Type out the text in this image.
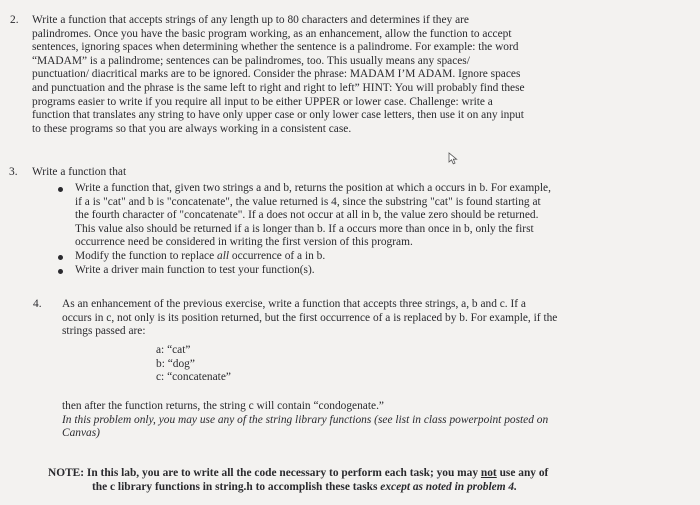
2. Write a function that accepts strings of any length up to 80 characters and determines if they are
palindromes. Once you have the basic program working, as an enhancement, allow the function to accept
sentences, ignoring spaces when determining whether the sentence is a palindrome. For example: the word
“MADAM” is a palindrome; sentences can be palindromes, too. This usually means any spaces/
punctuation/ diacritical marks are to be ignored. Consider the phrase: MADAM I’M ADAM. Ignore spaces
and punctuation and the phrase is the same left to right and right to left” HINT: You will probably find these
programs easier to write if you require all input to be either UPPER or lower case. Challenge: write a
function that translates any string to have only upper case or only lower case letters, then use it on any input
to these programs so that you are always working in a consistent case.
3. Write a function that
Write a function that, given two strings a and b, returns the position at which a occurs in b. For example,
if a is "cat" and b is "concatenate", the value returned is 4, since the substring "cat" is found starting at
the fourth character of "concatenate". If a does not occur at all in b, the value zero should be returned.
This value also should be returned if a is longer than b. If a occurs more than once in b, only the first
occurrence need be considered in writing the first version of this program.
Modify the function to replace all occurrence of a in b.
Write a driver main function to test your function(s).
4. As an enhancement of the previous exercise, write a function that accepts three strings, a, b and c. If a
occurs in c, not only is its position returned, but the first occurrence of a is replaced by b. For example, if the
strings passed are:
a: “cat”
b: “dog”
c: “concatenate”
then after the function returns, the string c will contain “condogenate.”
In this problem only, you may use any of the string library functions (see list in class powerpoint posted on
Canvas)
NOTE: In this lab, you are to write all the code necessary to perform each task; you may not use any of
the c library functions in string.h to accomplish these tasks except as noted in problem 4.
